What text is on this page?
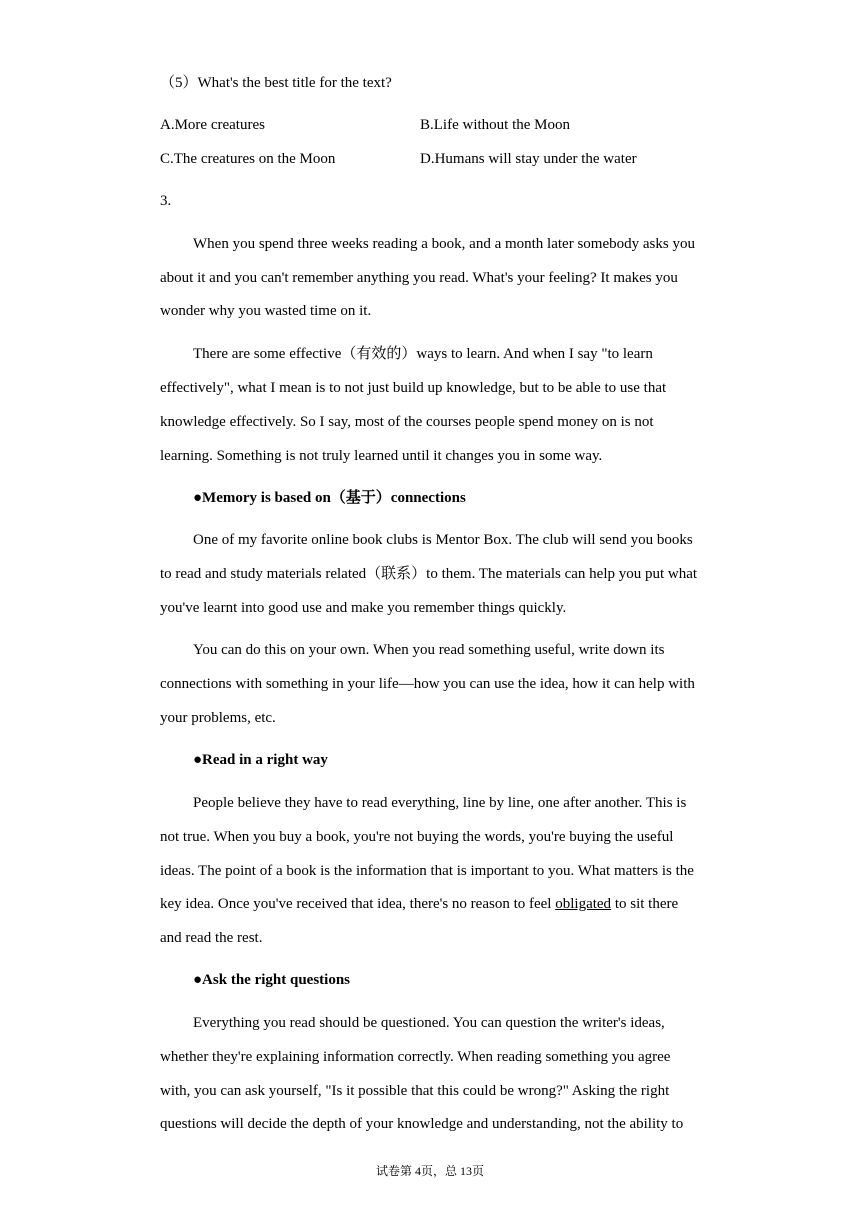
（5）What's the best title for the text?
A.More creatures	B.Life without the Moon
C.The creatures on the Moon	D.Humans will stay under the water
3.
When you spend three weeks reading a book, and a month later somebody asks you
about it and you can't remember anything you read. What's your feeling? It makes you
wonder why you wasted time on it.
There are some effective（有效的）ways to learn. And when I say "to learn
effectively", what I mean is to not just build up knowledge, but to be able to use that
knowledge effectively. So I say, most of the courses people spend money on is not
learning. Something is not truly learned until it changes you in some way.
●Memory is based on（基于）connections
One of my favorite online book clubs is Mentor Box. The club will send you books
to read and study materials related（联系）to them. The materials can help you put what
you've learnt into good use and make you remember things quickly.
You can do this on your own. When you read something useful, write down its
connections with something in your life—how you can use the idea, how it can help with
your problems, etc.
●Read in a right way
People believe they have to read everything, line by line, one after another. This is
not true. When you buy a book, you're not buying the words, you're buying the useful
ideas. The point of a book is the information that is important to you. What matters is the
key idea. Once you've received that idea, there's no reason to feel obligated to sit there
and read the rest.
●Ask the right questions
Everything you read should be questioned. You can question the writer's ideas,
whether they're explaining information correctly. When reading something you agree
with, you can ask yourself, "Is it possible that this could be wrong?" Asking the right
questions will decide the depth of your knowledge and understanding, not the ability to
试卷第 4页，总 13页
